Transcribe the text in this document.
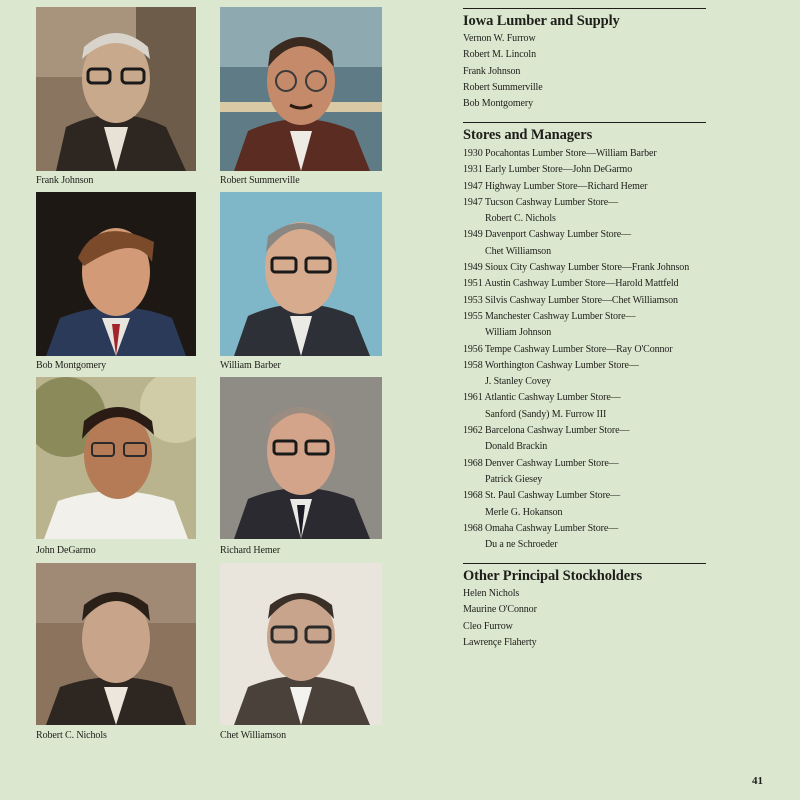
Frank Johnson	Robert Summerville
Bob Montgomery	William Barber
John DeGarmo	Richard Hemer
Robert C. Nichols	Chet Williamson
Iowa Lumber and Supply
Vernon W. Furrow
Robert M. Lincoln
Frank Johnson
Robert Summerville
Bob Montgomery
Stores and Managers
1930 Pocahontas Lumber Store—William Barber
1931 Early Lumber Store—John DeGarmo
1947 Highway Lumber Store—Richard Hemer
1947 Tucson Cashway Lumber Store—
Robert C. Nichols
1949 Davenport Cashway Lumber Store—
Chet Williamson
1949 Sioux City Cashway Lumber Store—Frank Johnson
1951 Austin Cashway Lumber Store—Harold Mattfeld
1953 Silvis Cashway Lumber Store—Chet Williamson
1955 Manchester Cashway Lumber Store—
William Johnson
1956 Tempe Cashway Lumber Store—Ray O'Connor
1958 Worthington Cashway Lumber Store—
J. Stanley Covey
1961 Atlantic Cashway Lumber Store—
Sanford (Sandy) M. Furrow III
1962 Barcelona Cashway Lumber Store—
Donald Brackin
1968 Denver Cashway Lumber Store—
Patrick Giesey
1968 St. Paul Cashway Lumber Store—
Merle G. Hokanson
1968 Omaha Cashway Lumber Store—
Du a ne Schroeder
Other Principal Stockholders
Helen Nichols
Maurine O'Connor
Cleo Furrow
Lawrençe Flaherty
41
